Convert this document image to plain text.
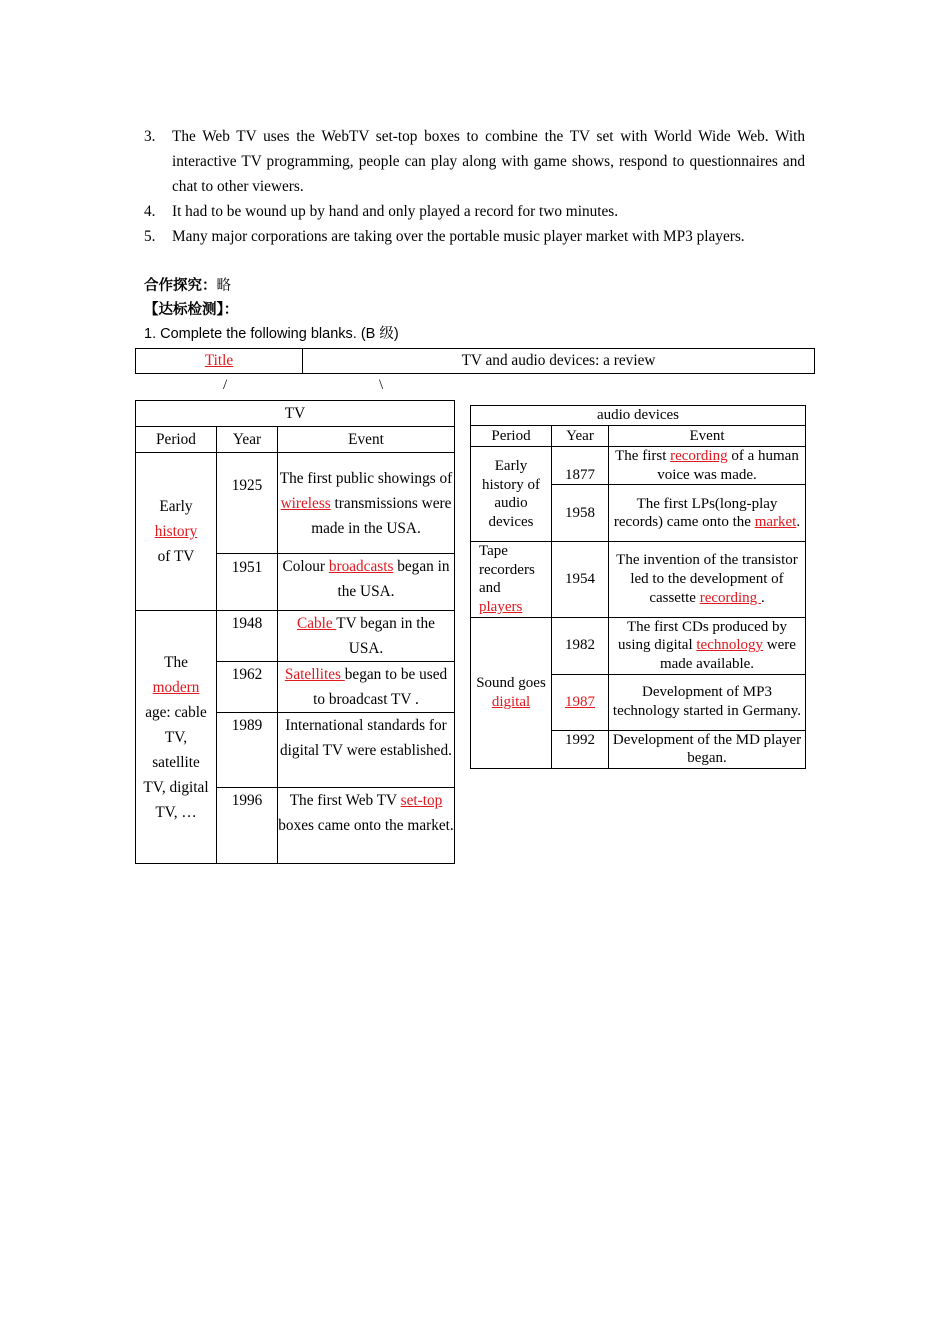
3.	The Web TV uses the WebTV set-top boxes to combine the TV set with World Wide Web. With interactive TV programming, people can play along with game shows, respond to questionnaires and chat to other viewers.
4.	It had to be wound up by hand and only played a record for two minutes.
5.	Many major corporations are taking over the portable music player market with MP3 players.
合作探究：略
【达标检测】：
1. Complete the following blanks. (B 级)
Title	TV and audio devices: a review
/	\
TV		
Period	Year	Event

Early
history
of TV	1925	The first public showings of wireless transmissions were made in the USA.
	1951	Colour broadcasts began in the USA.

The
modern
age: cable TV, satellite TV, digital TV, …	1948	Cable TV began in the USA.
	1962	Satellites began to be used to broadcast TV .
	1989	International standards for digital TV were established.
	1996	The first Web TV set-top boxes came onto the market.
audio devices		
Period	Year	Event
Early history of audio devices	1877	The first recording of a human voice was made.
	1958	The first LPs(long-play records) came onto the market.
Tape recorders and
players	1954	The invention of the transistor led to the development of cassette recording .
Sound goes
digital	1982	The first CDs produced by using digital technology were made available.
	1987	Development of MP3 technology started in Germany.
	1992	Development of the MD player began.
